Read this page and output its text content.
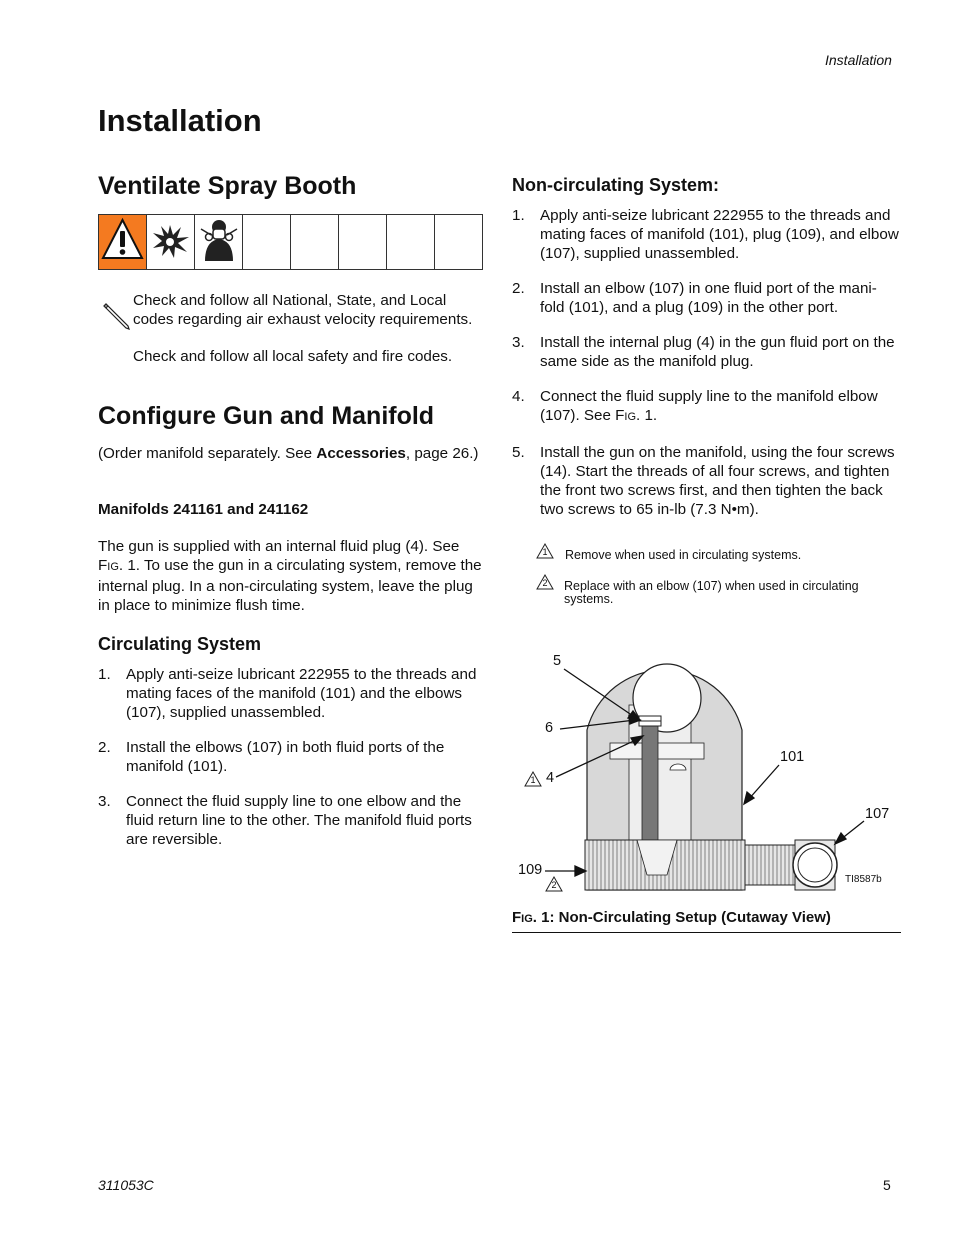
Installation
Installation
Ventilate Spray Booth

Check and follow all National, State, and Local codes regarding air exhaust velocity requirements.
Check and follow all local safety and fire codes.
Configure Gun and Manifold
(Order manifold separately. See Accessories, page 26.)
Manifolds 241161 and 241162
The gun is supplied with an internal fluid plug (4). See FIG. 1. To use the gun in a circulating system, remove the internal plug. In a non-circulating system, leave the plug in place to minimize flush time.
Circulating System
1. Apply anti-seize lubricant 222955 to the threads and mating faces of the manifold (101) and the elbows (107), supplied unassembled.
2. Install the elbows (107) in both fluid ports of the manifold (101).
3. Connect the fluid supply line to one elbow and the fluid return line to the other. The manifold fluid ports are reversible.
Non-circulating System:
1. Apply anti-seize lubricant 222955 to the threads and mating faces of manifold (101), plug (109), and elbow (107), supplied unassembled.
2. Install an elbow (107) in one fluid port of the mani-fold (101), and a plug (109) in the other port.
3. Install the internal plug (4) in the gun fluid port on the same side as the manifold plug.
4. Connect the fluid supply line to the manifold elbow (107). See FIG. 1.
5. Install the gun on the manifold, using the four screws (14). Start the threads of all four screws, and tighten the front two screws first, and then tighten the back two screws to 65 in-lb (7.3 N•m).
1	Remove when used in circulating systems.
2	Replace with an elbow (107) when used in circulating systems.
5
6
1 4
101
107
109
2	TI8587b
FIG. 1: Non-Circulating Setup (Cutaway View)
311053C	5
